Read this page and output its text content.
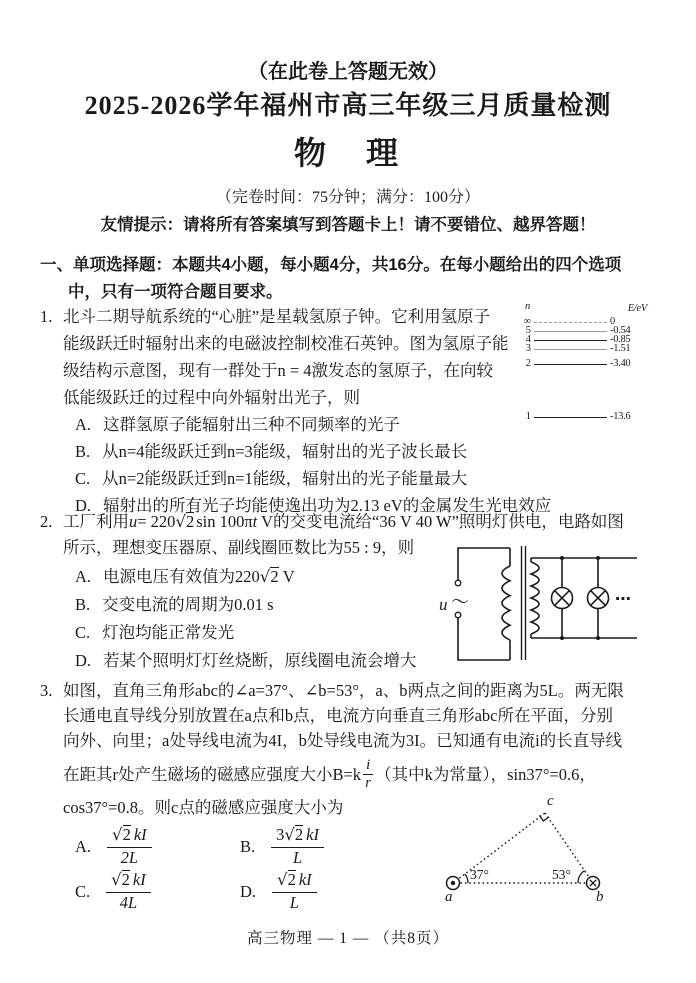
（在此卷上答题无效）
2025-2026学年福州市高三年级三月质量检测
物　理
（完卷时间：75分钟；满分：100分）
友情提示：请将所有答案填写到答题卡上！请不要错位、越界答题！
一、单项选择题：本题共4小题，每小题4分，共16分。在每小题给出的四个选项
中，只有一项符合题目要求。
1. 北斗二期导航系统的“心脏”是星载氢原子钟。它利用氢原子
能级跃迁时辐射出来的电磁波控制校准石英钟。图为氢原子能
级结构示意图，现有一群处于n = 4激发态的氢原子，在向较
低能级跃迁的过程中向外辐射出光子，则
A. 这群氢原子能辐射出三种不同频率的光子
B. 从n=4能级跃迁到n=3能级，辐射出的光子波长最长
C. 从n=2能级跃迁到n=1能级，辐射出的光子能量最大
D. 辐射出的所有光子均能使逸出功为2.13 eV的金属发生光电效应
n	E/eV
∞	0
5	-0.54
4	-0.85
3	-1.51
2	-3.40
1	-13.6
2. 工厂利用u= 220√2 sin 100πt V的交变电流给“36 V 40 W”照明灯供电，电路如图
所示，理想变压器原、副线圈匝数比为55 : 9，则
A. 电源电压有效值为220√2 V
B. 交变电流的周期为0.01 s
C. 灯泡均能正常发光
D. 若某个照明灯灯丝烧断，原线圈电流会增大
u ～	⋯
3. 如图，直角三角形abc的∠a=37°、∠b=53°，a、b两点之间的距离为5L。两无限
长通电直导线分别放置在a点和b点，电流方向垂直三角形abc所在平面，分别
向外、向里；a处导线电流为4I，b处导线电流为3I。已知通有电流i的长直导线
在距其r处产生磁场的磁感应强度大小B=k i
r （其中k为常量），sin37°=0.6，
cos37°=0.8。则c点的磁感应强度大小为
A. $\frac{√2 kI}{2L}$	B. $\frac{3√2 kI}{L}$
C. $\frac{√2 kI}{4L}$	D. $\frac{√2 kI}{L}$	a	b
c
37°	53°
高三物理 — 1 — （共8页）
